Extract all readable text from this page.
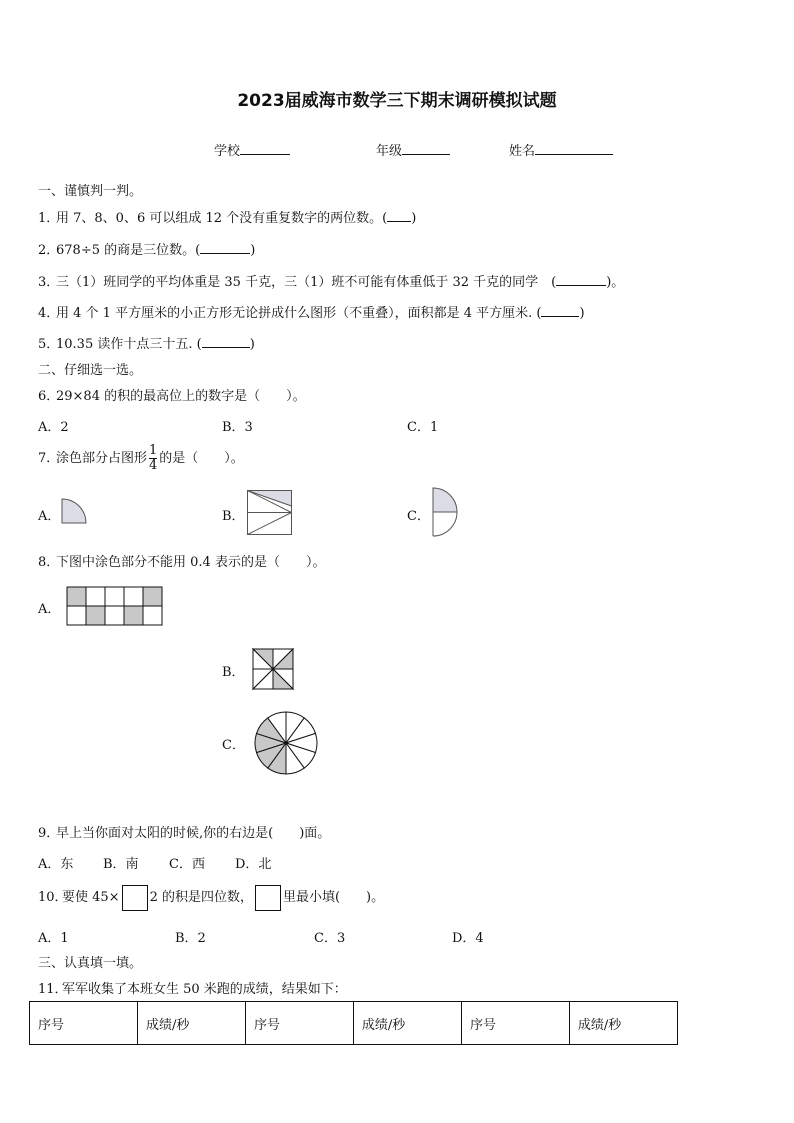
2023届威海市数学三下期末调研模拟试题
学校	年级	姓名
一、谨慎判一判。
1．用 7、8、0、6 可以组成 12 个没有重复数字的两位数。( )
2．678÷5 的商是三位数。(	)
3．三（1）班同学的平均体重是 35 千克，三（1）班不可能有体重低于 32 千克的同学　(	)。
4．用 4 个 1 平方厘米的小正方形无论拼成什么图形（不重叠），面积都是 4 平方厘米. (	)
5．10.35 读作十点三十五. (	)
二、仔细选一选。
6．29×84 的积的最高位上的数字是（　　）。
A．2	B．3	C．1
7．涂色部分占图形 $\frac{1}{4}$ 的是（　　）。
A．	B．	C．
8．下图中涂色部分不能用 0.4 表示的是（　　）。
A．
B．
C．
9．早上当你面对太阳的时候,你的右边是(　　)面。
A．东 B．南 C．西 D．北
10．要使 45× 2 的积是四位数， 里最小填(　　)。
A．1	B．2	C．3	D．4
三、认真填一填。
11．军军收集了本班女生 50 米跑的成绩，结果如下：
序号	成绩/秒	序号	成绩/秒	序号	成绩/秒
